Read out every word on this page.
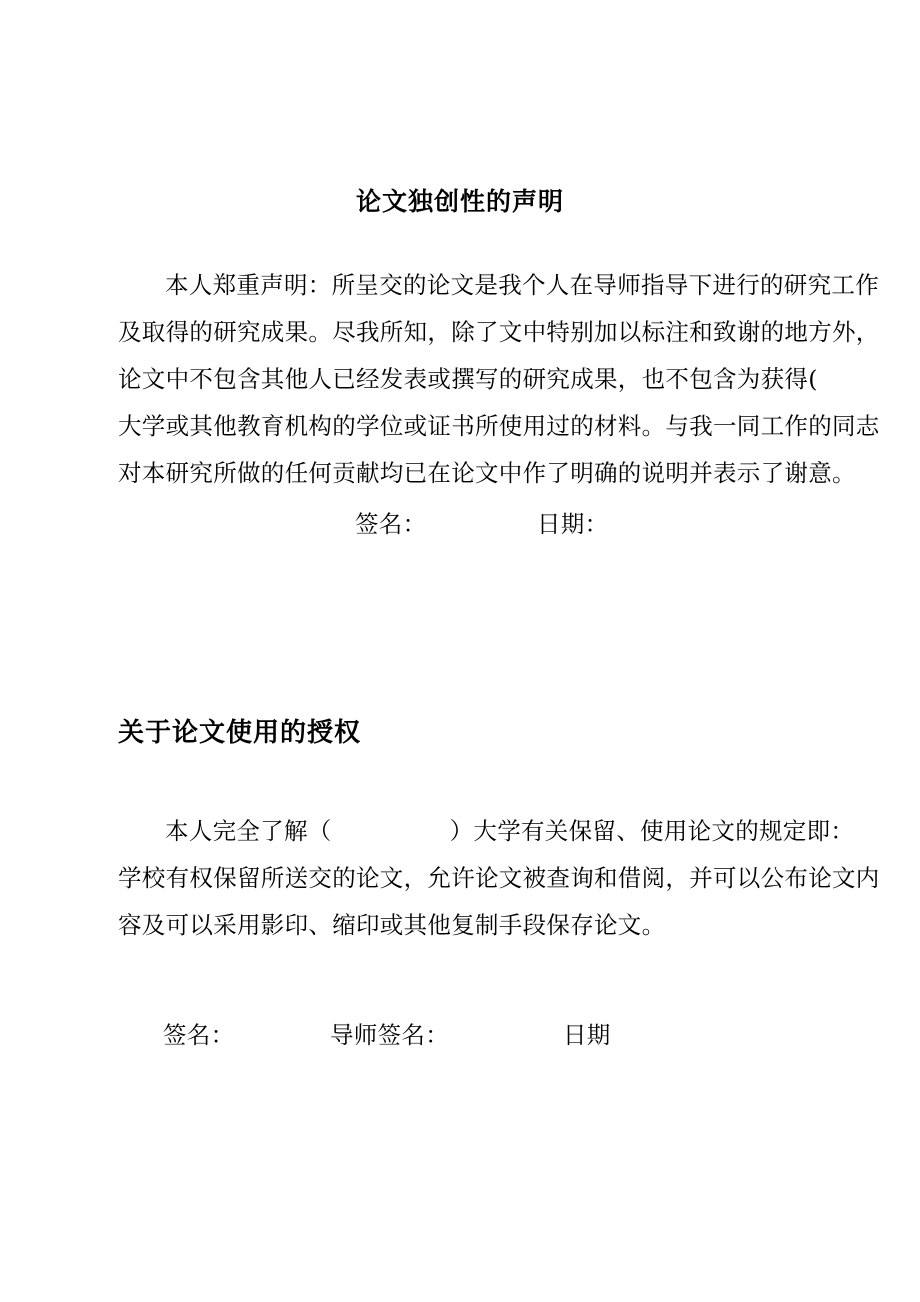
论文独创性的声明
本人郑重声明：所呈交的论文是我个人在导师指导下进行的研究工作
及取得的研究成果。尽我所知，除了文中特别加以标注和致谢的地方外，
论文中不包含其他人已经发表或撰写的研究成果，也不包含为获得(
大学或其他教育机构的学位或证书所使用过的材料。与我一同工作的同志
对本研究所做的任何贡献均已在论文中作了明确的说明并表示了谢意。
签名：	日期：
关于论文使用的授权
本人完全了解（	）大学有关保留、使用论文的规定即：
学校有权保留所送交的论文，允许论文被查询和借阅，并可以公布论文内
容及可以采用影印、缩印或其他复制手段保存论文。
签名：	导师签名：	日期
